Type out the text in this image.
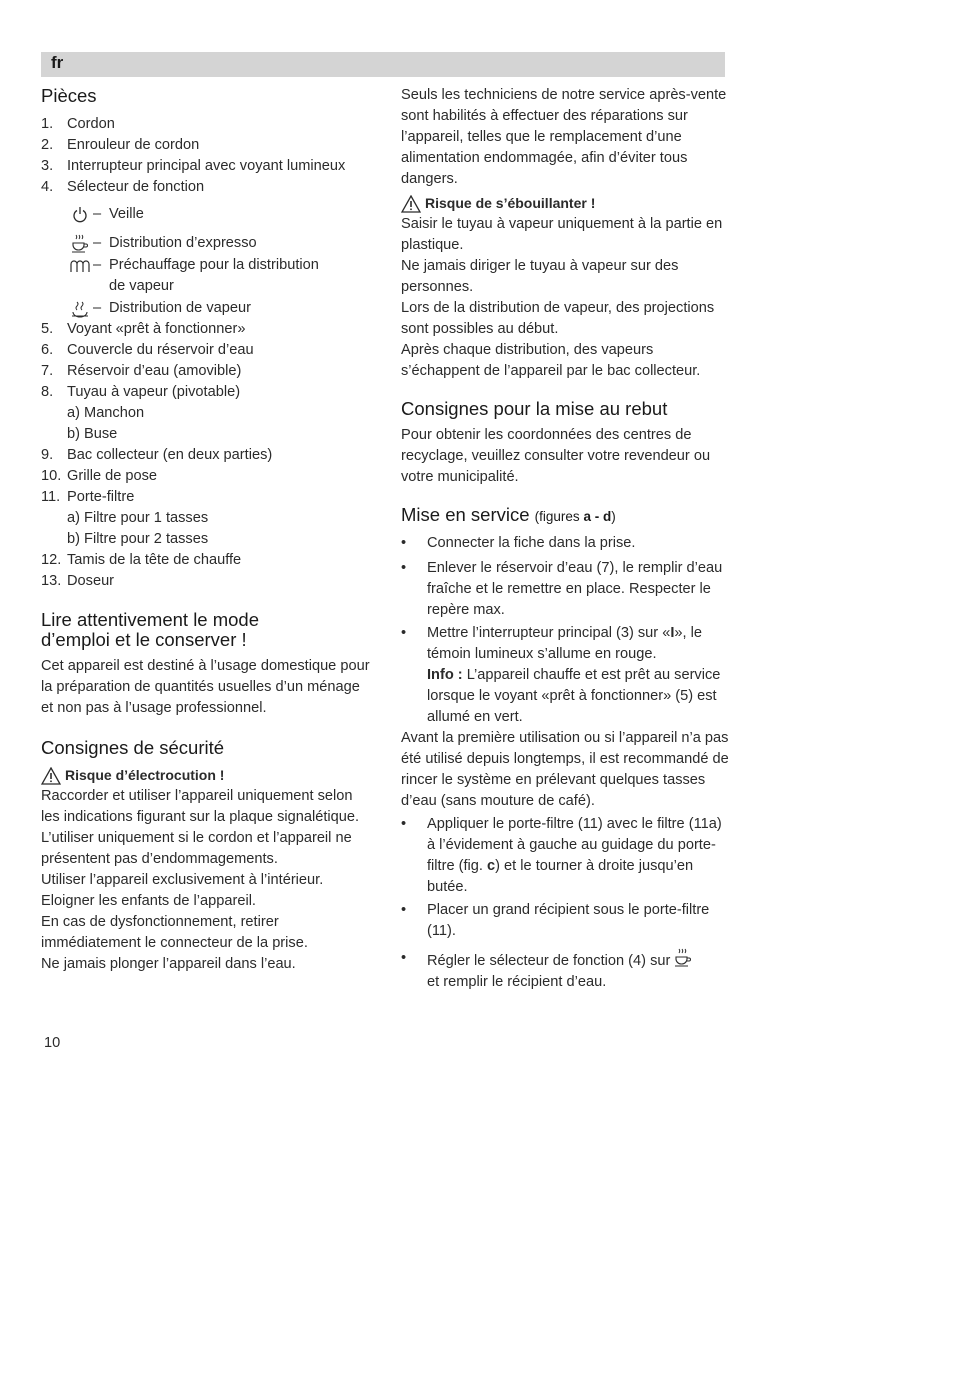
fr
Pièces
1. Cordon
2. Enrouleur de cordon
3. Interrupteur principal avec voyant lumineux
4. Sélecteur de fonction
– Veille
– Distribution d’expresso
– Préchauffage pour la distribution
de vapeur
– Distribution de vapeur
5. Voyant «prêt à fonctionner»
6. Couvercle du réservoir d’eau
7. Réservoir d’eau (amovible)
8. Tuyau à vapeur (pivotable)
a) Manchon
b) Buse
9. Bac collecteur (en deux parties)
10. Grille de pose
11. Porte-filtre
a) Filtre pour 1 tasses
b) Filtre pour 2 tasses
12. Tamis de la tête de chauffe
13. Doseur
Lire attentivement le mode
d’emploi et le conserver !

Cet appareil est destiné à l’usage domestique pour la préparation de quantités usuelles d’un ménage et non pas à l’usage professionnel.

Consignes de sécurité
Risque d’électrocution !

Raccorder et utiliser l’appareil uniquement selon les indications figurant sur la plaque signalétique.

L’utiliser uniquement si le cordon et l’appareil ne présentent pas d’endommagements.

Utiliser l’appareil exclusivement à l’intérieur.

Eloigner les enfants de l’appareil.

En cas de dysfonctionnement, retirer immédiatement le connecteur de la prise.

Ne jamais plonger l’appareil dans l’eau.

Seuls les techniciens de notre service après-vente sont habilités à effectuer des réparations sur l’appareil, telles que le remplacement d’une alimentation endommagée, afin d’éviter tous dangers.

Risque de s’ébouillanter !

Saisir le tuyau à vapeur uniquement à la partie en plastique.

Ne jamais diriger le tuyau à vapeur sur des personnes.

Lors de la distribution de vapeur, des projections sont possibles au début.

Après chaque distribution, des vapeurs s’échappent de l’appareil par le bac collecteur.

Consignes pour la mise au rebut

Pour obtenir les coordonnées des centres de recyclage, veuillez consulter votre revendeur ou votre municipalité.

Mise en service (figures a - d)
•	Connecter la fiche dans la prise.
•	Enlever le réservoir d’eau (7), le remplir d’eau fraîche et le remettre en place. Respecter le repère max.
•	Mettre l’interrupteur principal (3) sur «I», le témoin lumineux s’allume en rouge.
Info : L’appareil chauffe et est prêt au service lorsque le voyant «prêt à fonctionner» (5) est allumé en vert.

Avant la première utilisation ou si l’appareil n’a pas été utilisé depuis longtemps, il est recommandé de rincer le système en prélevant quelques tasses d’eau (sans mouture de café).

•	Appliquer le porte-filtre (11) avec le filtre (11a) à l’évidement à gauche au guidage du porte-filtre (fig. c) et le tourner à droite jusqu’en butée.
•	Placer un grand récipient sous le porte-filtre (11).
•	Régler le sélecteur de fonction (4) sur
et remplir le récipient d’eau.
10
